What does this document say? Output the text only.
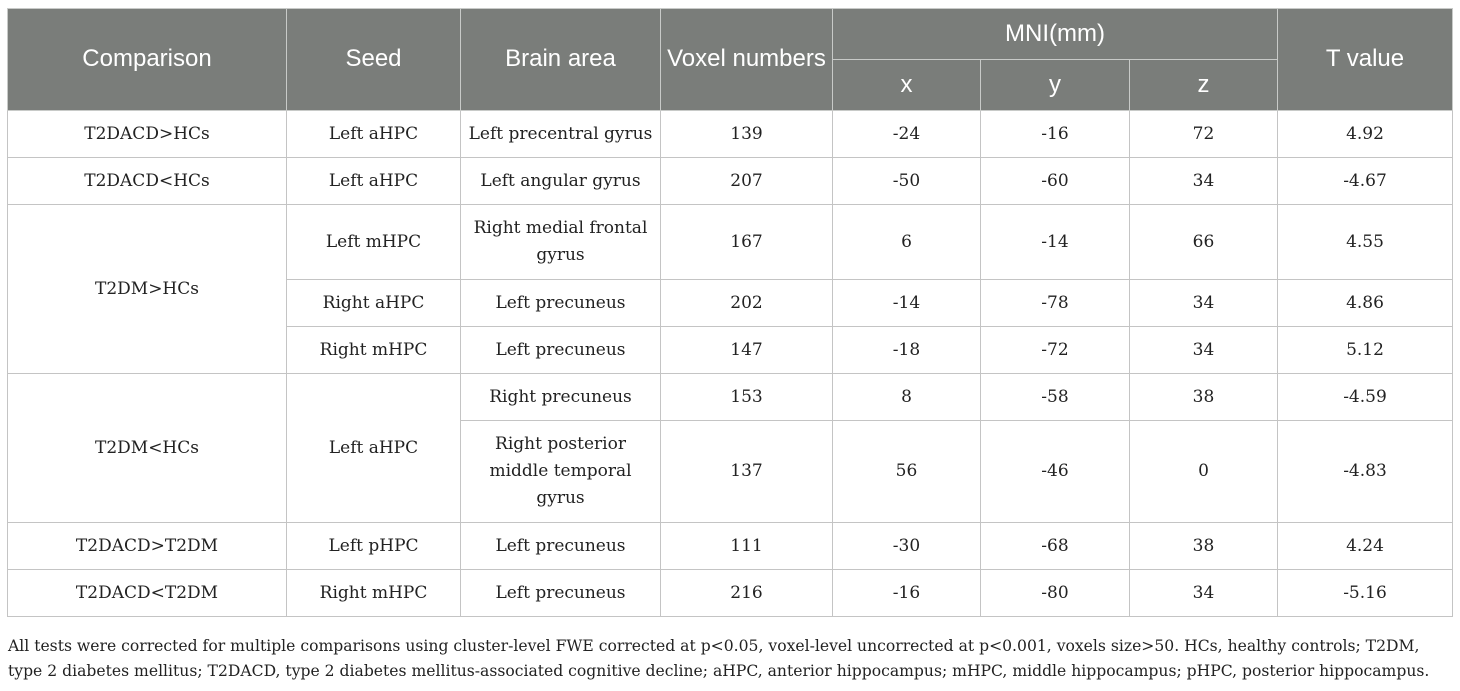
Comparison	Seed	Brain area	Voxel numbers	MNI(mm)			T value
				x	y	z	
T2DACD>HCs	Left aHPC	Left precentral gyrus	139	-24	-16	72	4.92
T2DACD<HCs	Left aHPC	Left angular gyrus	207	-50	-60	34	-4.67
T2DM>HCs	Left mHPC	Right medial frontal gyrus	167	6	-14	66	4.55
	Right aHPC	Left precuneus	202	-14	-78	34	4.86
	Right mHPC	Left precuneus	147	-18	-72	34	5.12
T2DM<HCs	Left aHPC	Right precuneus	153	8	-58	38	-4.59
		Right posterior middle temporal gyrus	137	56	-46	0	-4.83
T2DACD>T2DM	Left pHPC	Left precuneus	111	-30	-68	38	4.24
T2DACD<T2DM	Right mHPC	Left precuneus	216	-16	-80	34	-5.16
All tests were corrected for multiple comparisons using cluster-level FWE corrected at p<0.05, voxel-level uncorrected at p<0.001, voxels size>50. HCs, healthy controls; T2DM, type 2 diabetes mellitus; T2DACD, type 2 diabetes mellitus-associated cognitive decline; aHPC, anterior hippocampus; mHPC, middle hippocampus; pHPC, posterior hippocampus.
